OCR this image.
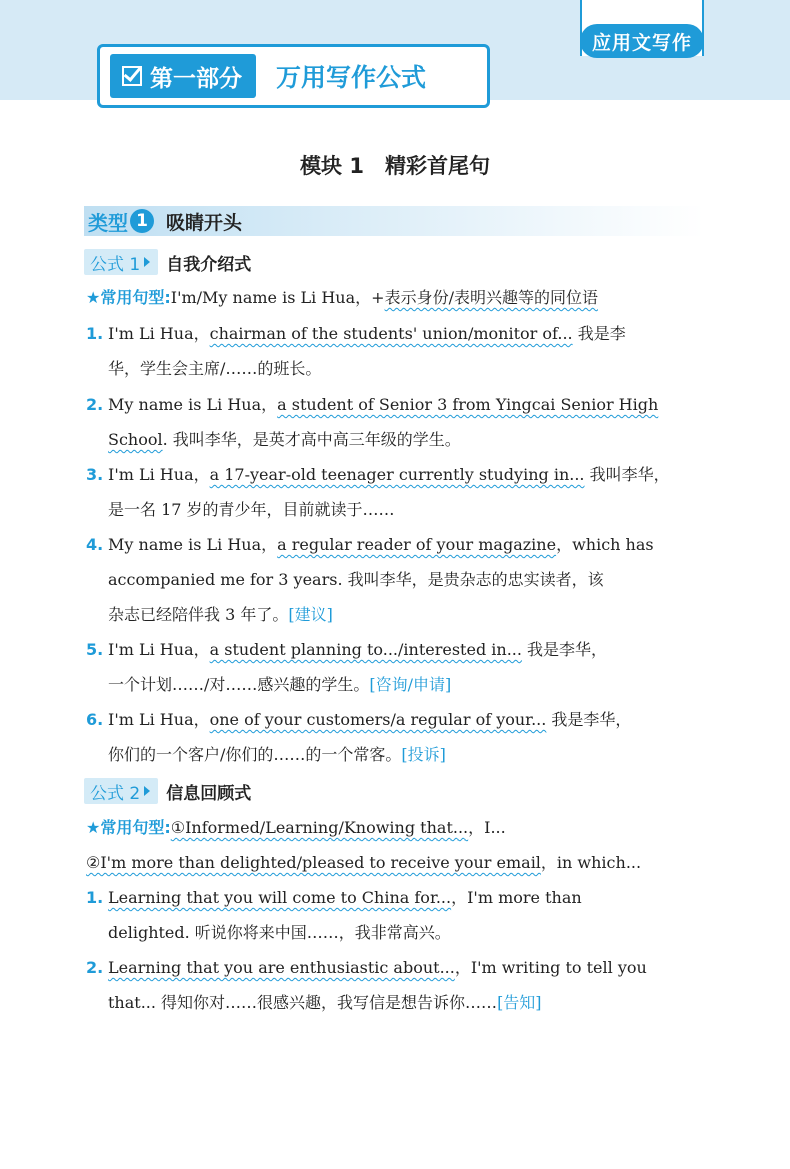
应用文写作
第一部分 万用写作公式
模块 1　精彩首尾句
类型 1 吸睛开头
公式 1 自我介绍式
★常用句型:I'm/My name is Li Hua，+表示身份/表明兴趣等的同位语
1. I'm Li Hua，chairman of the students' union/monitor of... 我是李
华，学生会主席/……的班长。
2. My name is Li Hua，a student of Senior 3 from Yingcai Senior High
School. 我叫李华，是英才高中高三年级的学生。
3. I'm Li Hua，a 17-year-old teenager currently studying in... 我叫李华，
是一名 17 岁的青少年，目前就读于……
4. My name is Li Hua，a regular reader of your magazine，which has
accompanied me for 3 years. 我叫李华，是贵杂志的忠实读者，该
杂志已经陪伴我 3 年了。[建议]
5. I'm Li Hua，a student planning to.../interested in... 我是李华，
一个计划……/对……感兴趣的学生。[咨询/申请]
6. I'm Li Hua，one of your customers/a regular of your... 我是李华，
你们的一个客户/你们的……的一个常客。[投诉]
公式 2 信息回顾式
★常用句型:①Informed/Learning/Knowing that...，I...
②I'm more than delighted/pleased to receive your email，in which...
1. Learning that you will come to China for...，I'm more than
delighted. 听说你将来中国……，我非常高兴。
2. Learning that you are enthusiastic about...，I'm writing to tell you
that... 得知你对……很感兴趣，我写信是想告诉你……[告知]
